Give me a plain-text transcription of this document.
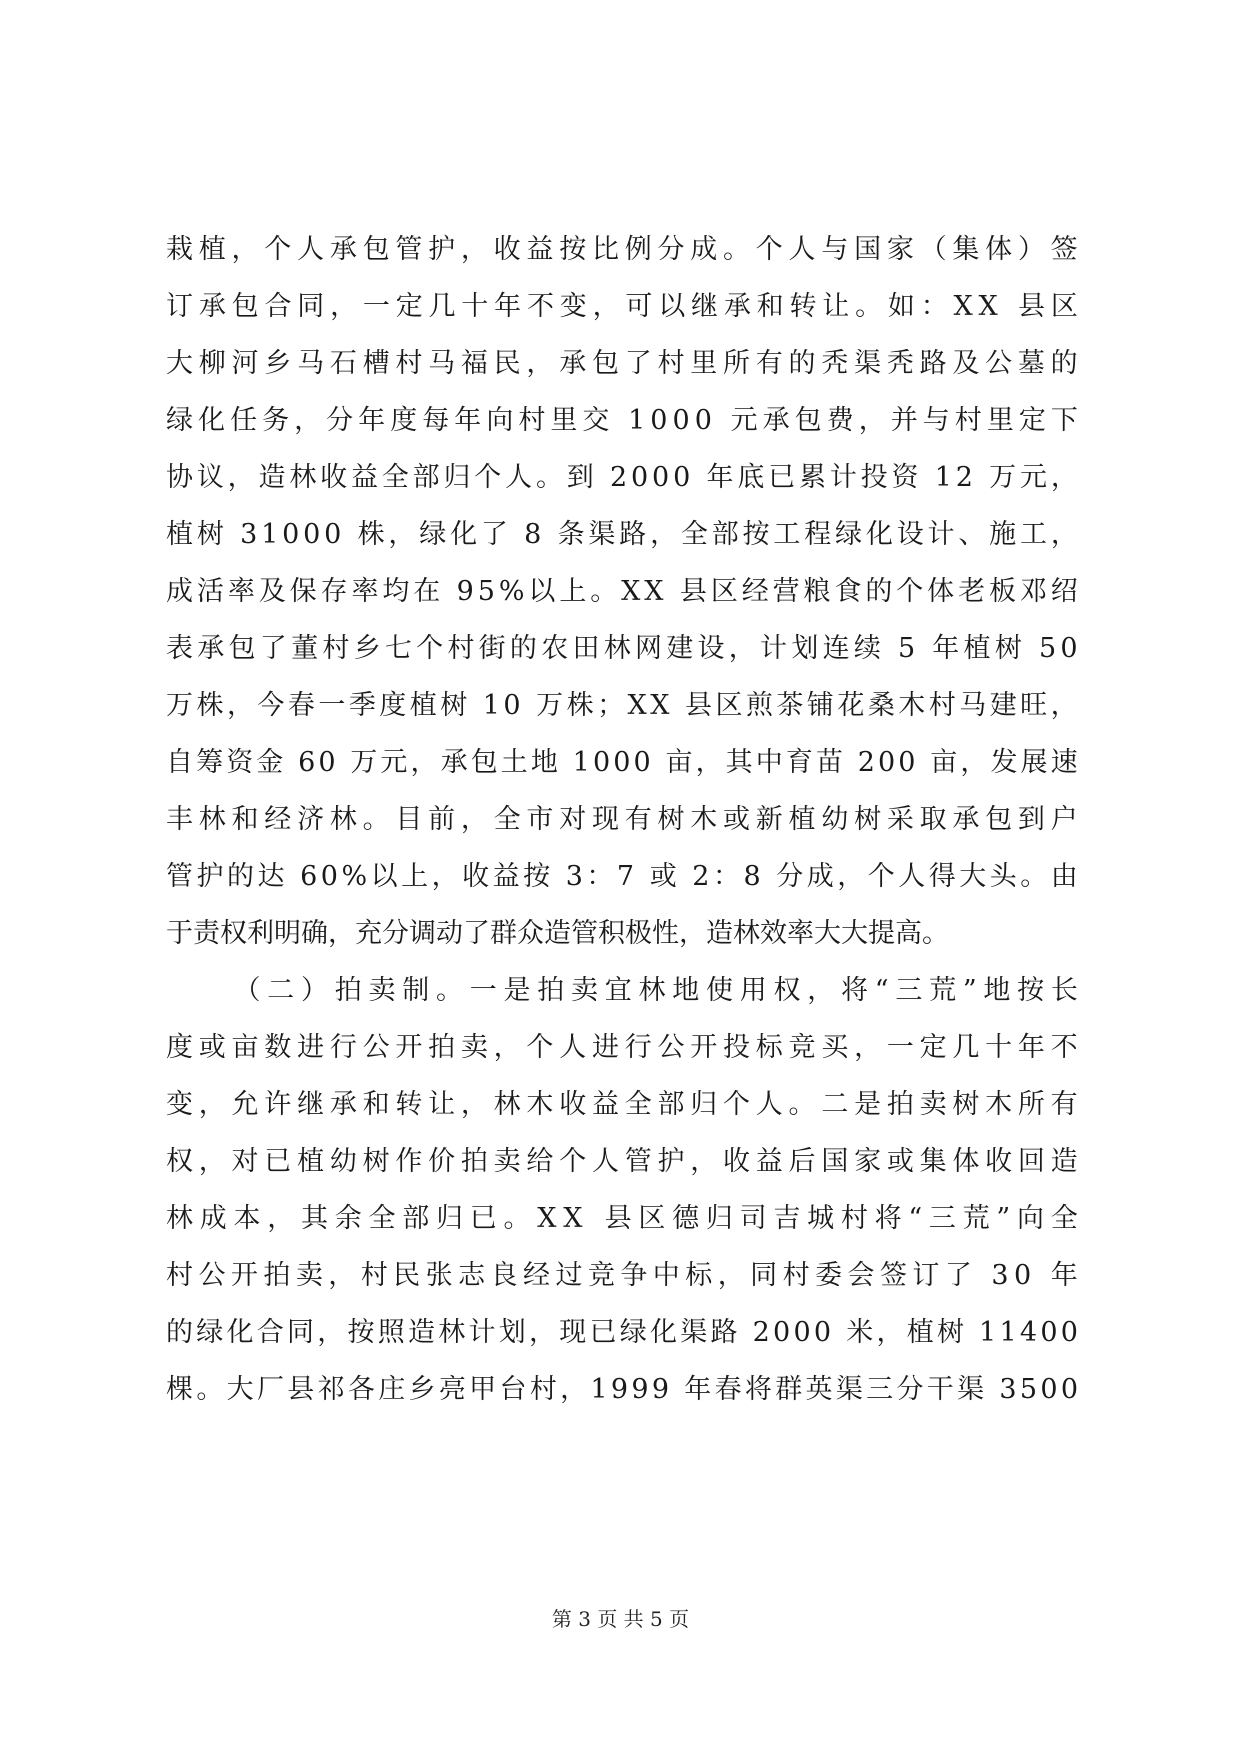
栽 植 ， 个 人 承 包 管 护 ， 收 益 按 比 例 分 成 。 个 人 与 国 家 （ 集 体 ） 签
订 承 包 合 同 ， 一 定 几 十 年 不 变 ， 可 以 继 承 和 转 让 。 如 ： X X
县 区
大 柳 河 乡 马 石 槽 村 马 福 民 ， 承 包 了 村 里 所 有 的 秃 渠 秃 路 及 公 墓 的
绿 化 任 务 ， 分 年 度 每 年 向 村 里 交
1 0 0 0
元 承 包 费 ， 并 与 村 里 定 下
协 议 ， 造 林 收 益 全 部 归 个 人 。 到
2 0 0 0
年 底 已 累 计 投 资
1 2
万 元 ，
植 树
3 1 0 0 0
株 ， 绿 化 了
8
条 渠 路 ， 全 部 按 工 程 绿 化 设 计 、 施 工 ，
成 活 率 及 保 存 率 均 在
9 5 % 以 上 。 X X
县 区 经 营 粮 食 的 个 体 老 板 邓 绍
表 承 包 了 董 村 乡 七 个 村 街 的 农 田 林 网 建 设 ， 计 划 连 续
5
年 植 树
5 0
万 株 ， 今 春 一 季 度 植 树
1 0
万 株 ； X X
县 区 煎 茶 铺 花 桑 木 村 马 建 旺 ，
自 筹 资 金
6 0
万 元 ， 承 包 土 地
1 0 0 0
亩 ， 其 中 育 苗
2 0 0
亩 ， 发 展 速
丰 林 和 经 济 林 。 目 前 ， 全 市 对 现 有 树 木 或 新 植 幼 树 采 取 承 包 到 户
管 护 的 达
6 0 % 以 上 ， 收 益 按
3 ： 7
或
2 ： 8
分 成 ， 个 人 得 大 头 。 由
于责权利明确，充分调动了群众造管积极性，造林效率大大提高。

（ 二 ） 拍 卖 制 。 一 是 拍 卖 宜 林 地 使 用 权 ， 将 “ 三 荒 ” 地 按 长
度 或 亩 数 进 行 公 开 拍 卖 ， 个 人 进 行 公 开 投 标 竞 买 ， 一 定 几 十 年 不
变 ， 允 许 继 承 和 转 让 ， 林 木 收 益 全 部 归 个 人 。 二 是 拍 卖 树 木 所 有
权 ， 对 已 植 幼 树 作 价 拍 卖 给 个 人 管 护 ， 收 益 后 国 家 或 集 体 收 回 造
林 成 本 ， 其 余 全 部 归 已 。 X X
县 区 德 归 司 吉 城 村 将 “ 三 荒 ” 向 全
村 公 开 拍 卖 ， 村 民 张 志 良 经 过 竞 争 中 标 ， 同 村 委 会 签 订 了
3 0
年
的 绿 化 合 同 ， 按 照 造 林 计 划 ， 现 已 绿 化 渠 路
2 0 0 0
米 ， 植 树
1 1 4 0 0
棵 。 大 厂 县 祁 各 庄 乡 亮 甲 台 村 ， 1 9 9 9
年 春 将 群 英 渠 三 分 干 渠
3 5 0 0
第 3 页 共 5 页
